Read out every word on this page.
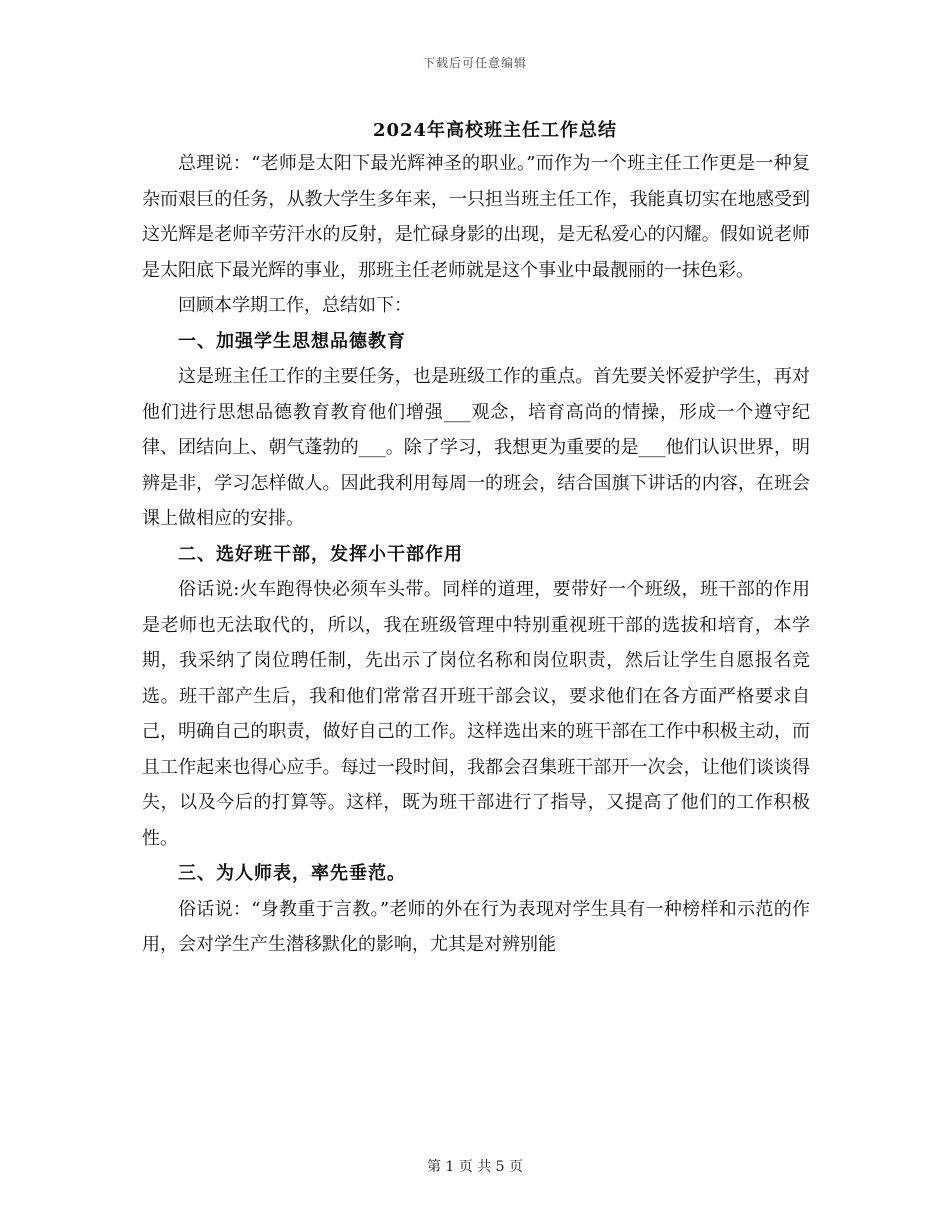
下载后可任意编辑
2024年高校班主任工作总结

总理说：“老师是太阳下最光辉神圣的职业。”而作为一个班主任工作更是一种复杂而艰巨的任务，从教大学生多年来，一只担当班主任工作，我能真切实在地感受到这光辉是老师辛劳汗水的反射，是忙碌身影的出现，是无私爱心的闪耀。假如说老师是太阳底下最光辉的事业，那班主任老师就是这个事业中最靓丽的一抹色彩。

回顾本学期工作，总结如下：

一、加强学生思想品德教育

这是班主任工作的主要任务，也是班级工作的重点。首先要关怀爱护学生，再对他们进行思想品德教育教育他们增强___观念，培育高尚的情操，形成一个遵守纪律、团结向上、朝气蓬勃的___。除了学习，我想更为重要的是___他们认识世界，明辨是非，学习怎样做人。因此我利用每周一的班会，结合国旗下讲话的内容，在班会课上做相应的安排。

二、选好班干部，发挥小干部作用

俗话说:火车跑得快必须车头带。同样的道理，要带好一个班级，班干部的作用是老师也无法取代的，所以，我在班级管理中特别重视班干部的选拔和培育，本学期，我采纳了岗位聘任制，先出示了岗位名称和岗位职责，然后让学生自愿报名竞选。班干部产生后，我和他们常常召开班干部会议，要求他们在各方面严格要求自己，明确自己的职责，做好自己的工作。这样选出来的班干部在工作中积极主动，而且工作起来也得心应手。每过一段时间，我都会召集班干部开一次会，让他们谈谈得失，以及今后的打算等。这样，既为班干部进行了指导，又提高了他们的工作积极性。

三、为人师表，率先垂范。

俗话说：“身教重于言教。”老师的外在行为表现对学生具有一种榜样和示范的作用，会对学生产生潜移默化的影响，尤其是对辨别能

第 1 页 共 5 页
